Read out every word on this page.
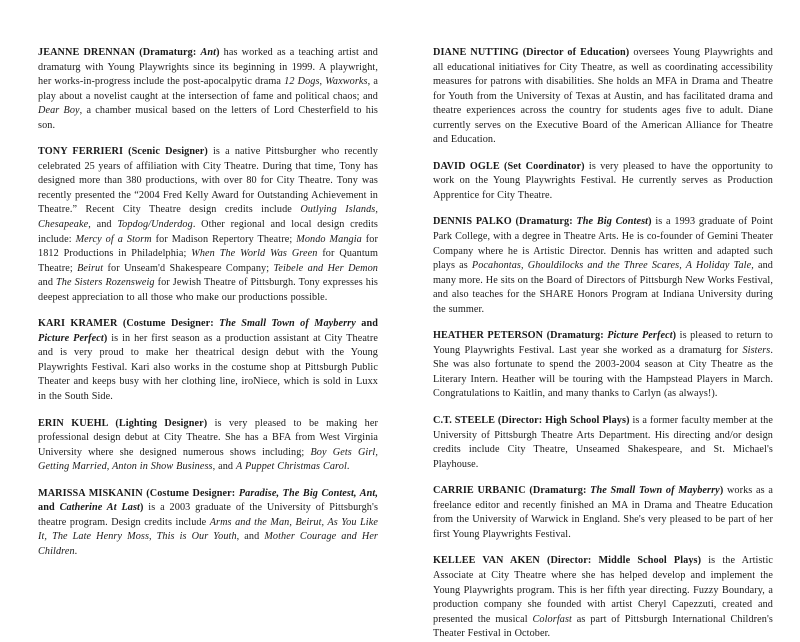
JEANNE DRENNAN (Dramaturg: Ant) has worked as a teaching artist and dramaturg with Young Playwrights since its beginning in 1999. A playwright, her works-in-progress include the post-apocalpytic drama 12 Dogs, Waxworks, a play about a novelist caught at the intersection of fame and political chaos; and Dear Boy, a chamber musical based on the letters of Lord Chesterfield to his son.

TONY FERRIERI (Scenic Designer) is a native Pittsburgher who recently celebrated 25 years of affiliation with City Theatre. During that time, Tony has designed more than 380 productions, with over 80 for City Theatre. Tony was recently presented the “2004 Fred Kelly Award for Outstanding Achievement in Theatre.” Recent City Theatre design credits include Outlying Islands, Chesapeake, and Topdog/Underdog. Other regional and local design credits include: Mercy of a Storm for Madison Repertory Theatre; Mondo Mangia for 1812 Productions in Philadelphia; When The World Was Green for Quantum Theatre; Beirut for Unseam'd Shakespeare Company; Teibele and Her Demon and The Sisters Rozensweig for Jewish Theatre of Pittsburgh. Tony expresses his deepest appreciation to all those who make our productions possible.

KARI KRAMER (Costume Designer: The Small Town of Mayberry and Picture Perfect) is in her first season as a production assistant at City Theatre and is very proud to make her theatrical design debut with the Young Playwrights Festival. Kari also works in the costume shop at Pittsburgh Public Theater and keeps busy with her clothing line, iroNiece, which is sold in Luxx in the South Side.

ERIN KUEHL (Lighting Designer) is very pleased to be making her professional design debut at City Theatre. She has a BFA from West Virginia University where she designed numerous shows including; Boy Gets Girl, Getting Married, Anton in Show Business, and A Puppet Christmas Carol.

MARISSA MISKANIN (Costume Designer: Paradise, The Big Contest, Ant, and Catherine At Last) is a 2003 graduate of the University of Pittsburgh's theatre program. Design credits include Arms and the Man, Beirut, As You Like It, The Late Henry Moss, This is Our Youth, and Mother Courage and Her Children.

DIANE NUTTING (Director of Education) oversees Young Playwrights and all educational initiatives for City Theatre, as well as coordinating accessibility measures for patrons with disabilities. She holds an MFA in Drama and Theatre for Youth from the University of Texas at Austin, and has facilitated drama and theatre experiences across the country for students ages five to adult. Diane currently serves on the Executive Board of the American Alliance for Theatre and Education.

DAVID OGLE (Set Coordinator) is very pleased to have the opportunity to work on the Young Playwrights Festival. He currently serves as Production Apprentice for City Theatre.

DENNIS PALKO (Dramaturg: The Big Contest) is a 1993 graduate of Point Park College, with a degree in Theatre Arts. He is co-founder of Gemini Theater Company where he is Artistic Director. Dennis has written and adapted such plays as Pocahontas, Ghouldilocks and the Three Scares, A Holiday Tale, and many more. He sits on the Board of Directors of Pittsburgh New Works Festival, and also teaches for the SHARE Honors Program at Indiana University during the summer.

HEATHER PETERSON (Dramaturg: Picture Perfect) is pleased to return to Young Playwrights Festival. Last year she worked as a dramaturg for Sisters. She was also fortunate to spend the 2003-2004 season at City Theatre as the Literary Intern. Heather will be touring with the Hampstead Players in March. Congratulations to Kaitlin, and many thanks to Carlyn (as always!).

C.T. STEELE (Director: High School Plays) is a former faculty member at the University of Pittsburgh Theatre Arts Department. His directing and/or design credits include City Theatre, Unseamed Shakespeare, and St. Michael's Playhouse.

CARRIE URBANIC (Dramaturg: The Small Town of Mayberry) works as a freelance editor and recently finished an MA in Drama and Theatre Education from the University of Warwick in England. She's very pleased to be part of her first Young Playwrights Festival.

KELLEE VAN AKEN (Director: Middle School Plays) is the Artistic Associate at City Theatre where she has helped develop and implement the Young Playwrights program. This is her fifth year directing. Fuzzy Boundary, a production company she founded with artist Cheryl Capezzuti, created and presented the musical Colorfast as part of Pittsburgh International Children's Theater Festival in October.
